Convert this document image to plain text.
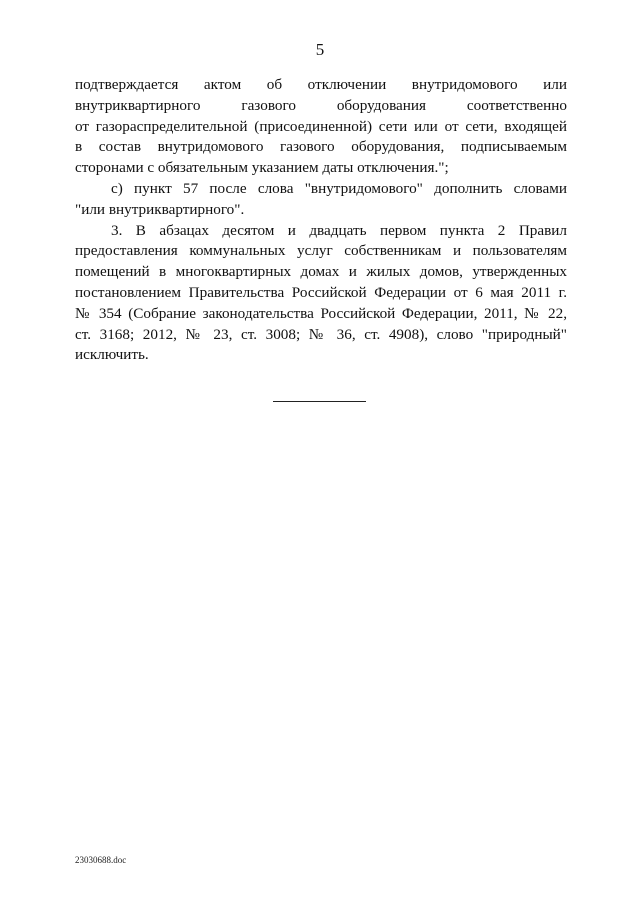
5
подтверждается актом об отключении внутридомового или
внутриквартирного газового оборудования соответственно
от газораспределительной (присоединенной) сети или от сети, входящей
в состав внутридомового газового оборудования, подписываемым
сторонами с обязательным указанием даты отключения.";
с) пункт 57 после слова "внутридомового" дополнить словами
"или внутриквартирного".
3. В абзацах десятом и двадцать первом пункта 2 Правил
предоставления коммунальных услуг собственникам и пользователям
помещений в многоквартирных домах и жилых домов, утвержденных
постановлением Правительства Российской Федерации от 6 мая 2011 г.
№ 354 (Собрание законодательства Российской Федерации, 2011, № 22,
ст. 3168; 2012, № 23, ст. 3008; № 36, ст. 4908), слово "природный"
исключить.
23030688.doc
